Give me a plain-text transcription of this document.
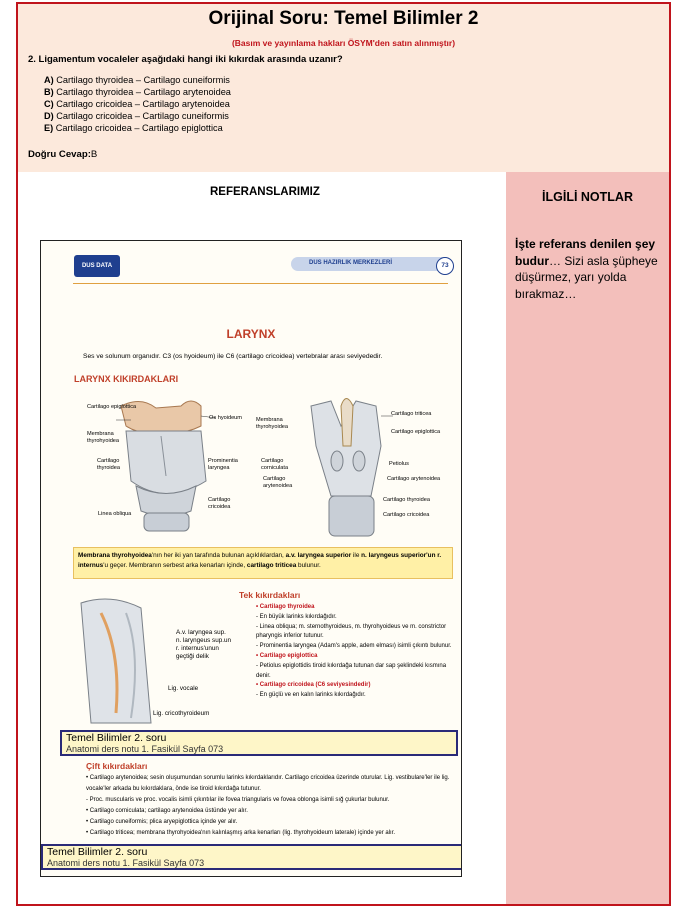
Orijinal Soru: Temel Bilimler 2
(Basım ve yayınlama hakları ÖSYM'den satın alınmıştır)
2. Ligamentum vocaleler aşağıdaki hangi iki kıkırdak arasında uzanır?
A) Cartilago thyroidea – Cartilago cuneiformis
B) Cartilago thyroidea – Cartilago arytenoidea
C) Cartilago cricoidea – Cartilago arytenoidea
D) Cartilago cricoidea – Cartilago cuneiformis
E) Cartilago cricoidea – Cartilago epiglottica
Doğru Cevap:B
REFERANSLARIMIZ	İLGİLİ NOTLAR
İşte referans denilen şey budur… Sizi asla şüpheye düşürmez, yarı yolda bırakmaz…
DUS DATA	DUS HAZIRLIK MERKEZLERİ	73
LARYNX
Ses ve solunum organıdır. C3 (os hyoideum) ile C6 (cartilago cricoidea) vertebralar arası seviyededir.
LARYNX KIKIRDAKLARI
Cartilago epiglottica
Os hyoideum
Membrana thyrohyoidea
Cartilago thyroidea
Prominentia laryngea
Cartilago cricoidea
Linea obliqua
Cartilago triticea
Membrana thyrohyoidea
Cartilago epiglottica
Cartilago corniculata
Cartilago arytenoidea
Petiolus
Cartilago arytenoidea
Cartilago thyroidea
Cartilago cricoidea
Membrana thyrohyoidea'nın her iki yan tarafında bulunan açıklıklardan, a.v. laryngea superior ile n. laryngeus superior'un r. internus'u geçer. Membranın serbest arka kenarları içinde, cartilago triticea bulunur.
A.v. laryngea sup.
n. laryngeus sup.un
r. internus'unun
geçtiği delik
Lig. vocale
Lig. cricothyroideum
Tek kıkırdakları
• Cartilago thyroidea
- En büyük larinks kıkırdağıdır.
- Linea obliqua; m. sternothyroideus, m. thyrohyoideus ve m. constrictor pharyngis inferior tutunur.
- Prominentia laryngea (Adam's apple, adem elması) isimli çıkıntı bulunur.
• Cartilago epiglottica
- Petiolus epiglottidis tiroid kıkırdağa tutunan dar sap şeklindeki kısmına denir.
• Cartilago cricoidea (C6 seviyesindedir)
- En güçlü ve en kalın larinks kıkırdağıdır.
Temel Bilimler 2. soru
Anatomi ders notu 1. Fasikül Sayfa 073
Çift kıkırdakları
• Cartilago arytenoidea; sesin oluşumundan sorumlu larinks kıkırdaklarıdır. Cartilago cricoidea üzerinde oturular. Lig. vestibulare'ler ile lig. vocale'ler arkada bu kıkırdaklara, önde ise tiroid kıkırdağa tutunur.
- Proc. muscularis ve proc. vocalis isimli çıkıntılar ile fovea triangularis ve fovea oblonga isimli sığ çukurlar bulunur.
• Cartilago corniculata; cartilago arytenoidea üstünde yer alır.
• Cartilago cuneiformis; plica aryepiglottica içinde yer alır.
• Cartilago triticea; membrana thyrohyoidea'nın kalınlaşmış arka kenarları (lig. thyrohyoideum laterale) içinde yer alır.
Temel Bilimler 2. soru
Anatomi ders notu 1. Fasikül Sayfa 073
